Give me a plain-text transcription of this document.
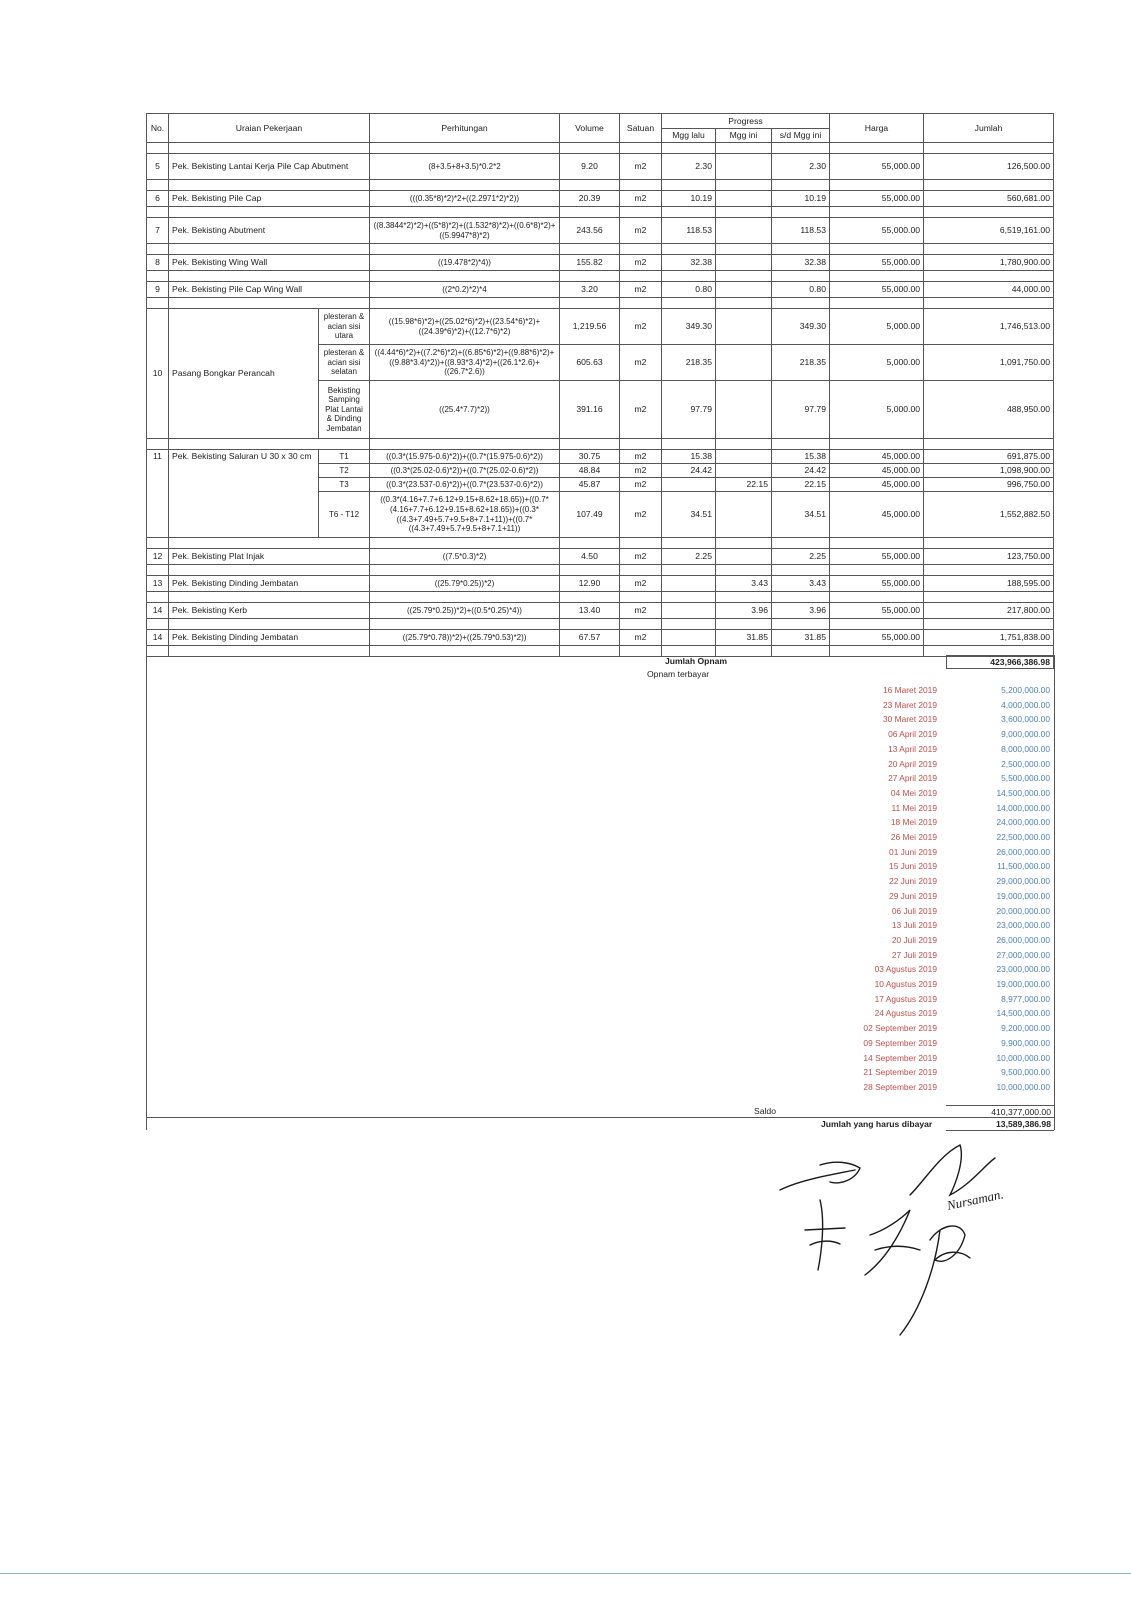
No.	Uraian Pekerjaan		Perhitungan	Volume	Satuan	Progress			Harga	Jumlah
						Mgg lalu	Mgg ini	s/d Mgg ini		

5	Pek. Bekisting Lantai Kerja Pile Cap Abutment		(8+3.5+8+3.5)*0.2*2	9.20	m2	2.30		2.30	55,000.00	126,500.00

6	Pek. Bekisting Pile Cap		(((0.35*8)*2)*2+((2.2971*2)*2))	20.39	m2	10.19		10.19	55,000.00	560,681.00

7	Pek. Bekisting Abutment		((8.3844*2)*2)+((5*8)*2)+((1.532*8)*2)+((0.6*8)*2)+((5.9947*8)*2)	243.56	m2	118.53		118.53	55,000.00	6,519,161.00

8	Pek. Bekisting Wing Wall		((19.478*2)*4))	155.82	m2	32.38		32.38	55,000.00	1,780,900.00

9	Pek. Bekisting Pile Cap Wing Wall		((2*0.2)*2)*4	3.20	m2	0.80		0.80	55,000.00	44,000.00

10	Pasang Bongkar Perancah	plesteran & acian sisi utara	((15.98*6)*2)+((25.02*6)*2)+((23.54*6)*2)+((24.39*6)*2)+((12.7*6)*2)	1,219.56	m2	349.30		349.30	5,000.00	1,746,513.00
		plesteran & acian sisi selatan	((4.44*6)*2)+((7.2*6)*2)+((6.85*6)*2)+((9.88*6)*2)+((9.88*3.4)*2))+((8.93*3.4)*2)+((26.1*2.6)+((26.7*2.6))	605.63	m2	218.35		218.35	5,000.00	1,091,750.00
		Bekisting Samping Plat Lantai & Dinding Jembatan	((25.4*7.7)*2))	391.16	m2	97.79		97.79	5,000.00	488,950.00

11	Pek. Bekisting Saluran U 30 x 30 cm	T1	((0.3*(15.975-0.6)*2))+((0.7*(15.975-0.6)*2))	30.75	m2	15.38		15.38	45,000.00	691,875.00
		T2	((0.3*(25.02-0.6)*2))+((0.7*(25.02-0.6)*2))	48.84	m2	24.42		24.42	45,000.00	1,098,900.00
		T3	((0.3*(23.537-0.6)*2))+((0.7*(23.537-0.6)*2))	45.87	m2		22.15	22.15	45,000.00	996,750.00
		T6 - T12	((0.3*(4.16+7.7+6.12+9.15+8.62+18.65))+((0.7*(4.16+7.7+6.12+9.15+8.62+18.65))+((0.3*((4.3+7.49+5.7+9.5+8+7.1+11))+((0.7*((4.3+7.49+5.7+9.5+8+7.1+11))	107.49	m2	34.51		34.51	45,000.00	1,552,882.50

12	Pek. Bekisting Plat Injak		((7.5*0.3)*2)	4.50	m2	2.25		2.25	55,000.00	123,750.00

13	Pek. Bekisting Dinding Jembatan		((25.79*0.25))*2)	12.90	m2		3.43	3.43	55,000.00	188,595.00

14	Pek. Bekisting Kerb		((25.79*0.25))*2)+((0.5*0.25)*4))	13.40	m2		3.96	3.96	55,000.00	217,800.00

14	Pek. Bekisting Dinding Jembatan		((25.79*0.78))*2)+((25.79*0.53)*2))	67.57	m2		31.85	31.85	55,000.00	1,751,838.00

Jumlah Opnam	423,966,386.98
Opnam terbayar
16 Maret 2019	5,200,000.00
23 Maret 2019	4,000,000.00
30 Maret 2019	3,600,000.00
06 April 2019	9,000,000.00
13 April 2019	8,000,000.00
20 April 2019	2,500,000.00
27 April 2019	5,500,000.00
04 Mei 2019	14,500,000.00
11 Mei 2019	14,000,000.00
18 Mei 2019	24,000,000.00
26 Mei 2019	22,500,000.00
01 Juni 2019	26,000,000.00
15 Juni 2019	11,500,000.00
22 Juni 2019	29,000,000.00
29 Juni 2019	19,000,000.00
06 Juli 2019	20,000,000.00
13 Juli 2019	23,000,000.00
20 Juli 2019	26,000,000.00
27 Juli 2019	27,000,000.00
03 Agustus 2019	23,000,000.00
10 Agustus 2019	19,000,000.00
17 Agustus 2019	8,977,000.00
24 Agustus 2019	14,500,000.00
02 September 2019	9,200,000.00
09 September 2019	9,900,000.00
14 September 2019	10,000,000.00
21 September 2019	9,500,000.00
28 September 2019	10,000,000.00
Saldo	410,377,000.00
Jumlah yang harus dibayar	13,589,386.98
Nursaman.
